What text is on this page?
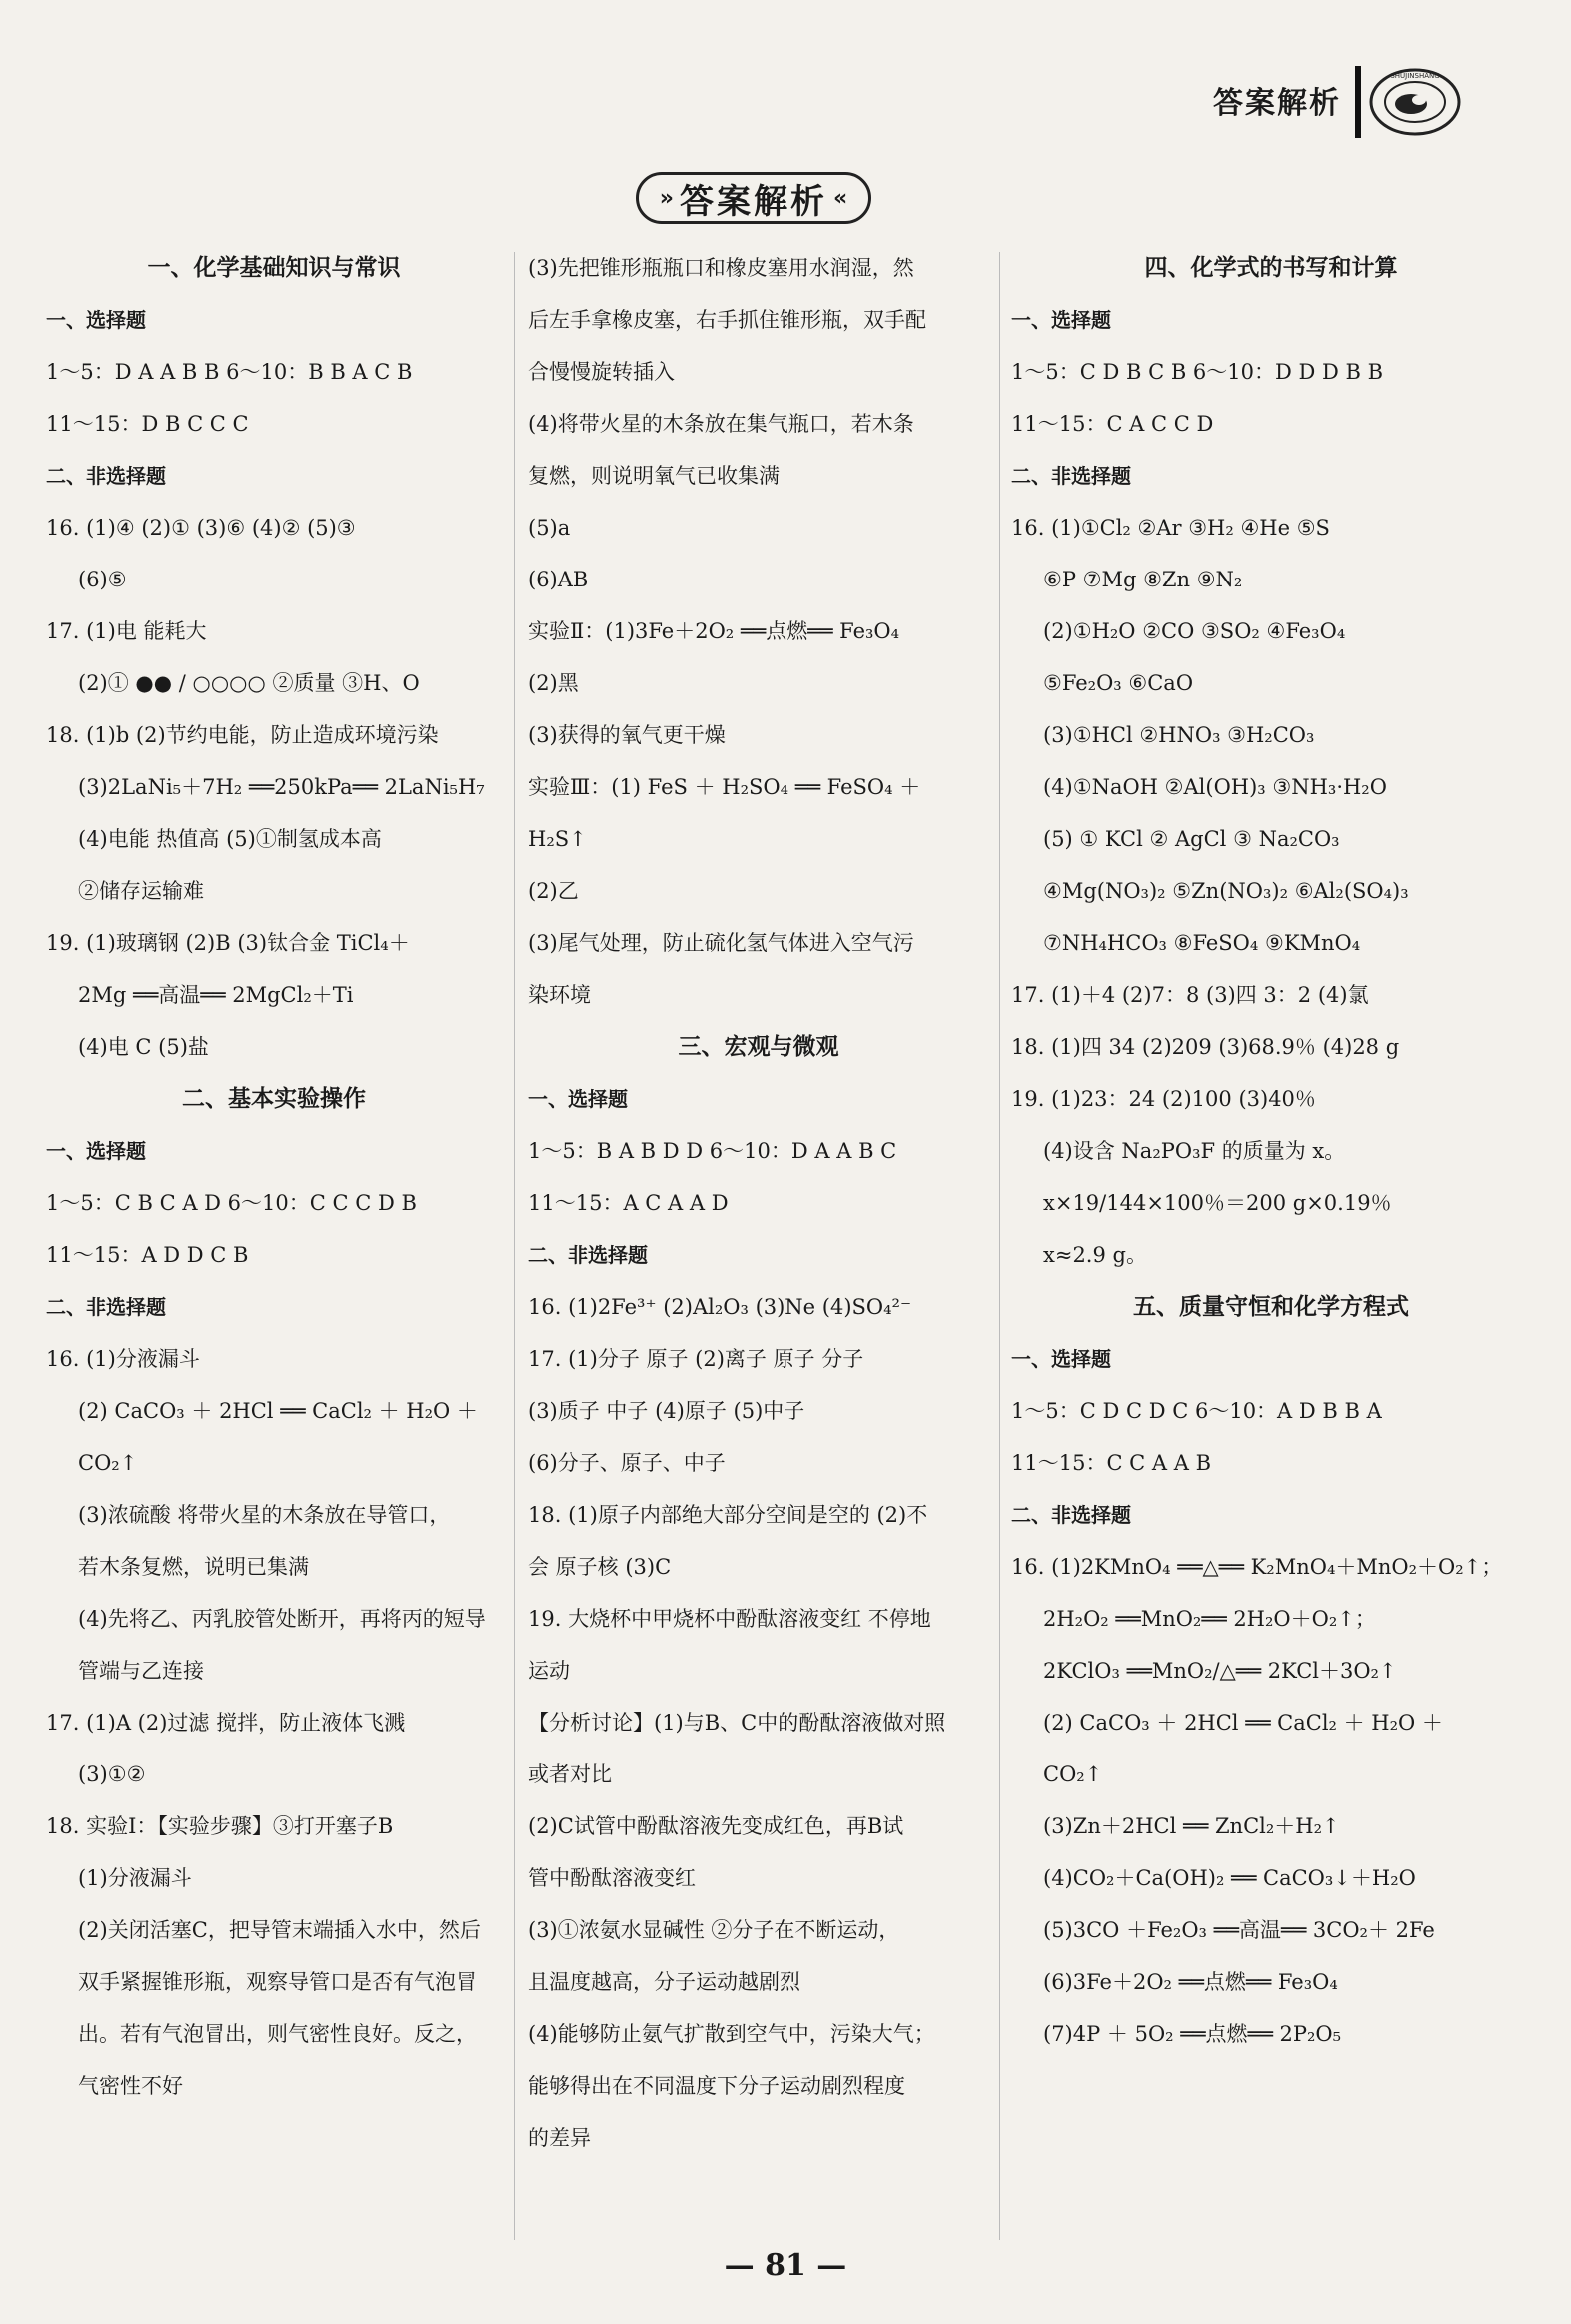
答案解析
SHUJINSHANG
» 答案解析 «
一、化学基础知识与常识
一、选择题
1～5：D A A B B 6～10：B B A C B
11～15：D B C C C
二、非选择题
16. (1)④ (2)① (3)⑥ (4)② (5)③
(6)⑤
17. (1)电 能耗大
(2)① ●● / ○○○○ ②质量 ③H、O
18. (1)b (2)节约电能，防止造成环境污染
(3)2LaNi₅＋7H₂ ══250kPa══ 2LaNi₅H₇
(4)电能 热值高 (5)①制氢成本高
②储存运输难
19. (1)玻璃钢 (2)B (3)钛合金 TiCl₄＋
2Mg ══高温══ 2MgCl₂＋Ti
(4)电 C (5)盐
二、基本实验操作
一、选择题
1～5：C B C A D 6～10：C C C D B
11～15：A D D C B
二、非选择题
16. (1)分液漏斗
(2) CaCO₃ ＋ 2HCl ══ CaCl₂ ＋ H₂O ＋
CO₂↑
(3)浓硫酸 将带火星的木条放在导管口，
若木条复燃，说明已集满
(4)先将乙、丙乳胶管处断开，再将丙的短导
管端与乙连接
17. (1)A (2)过滤 搅拌，防止液体飞溅
(3)①②
18. 实验Ⅰ：【实验步骤】③打开塞子B
(1)分液漏斗
(2)关闭活塞C，把导管末端插入水中，然后
双手紧握锥形瓶，观察导管口是否有气泡冒
出。若有气泡冒出，则气密性良好。反之，
气密性不好
(3)先把锥形瓶瓶口和橡皮塞用水润湿，然
后左手拿橡皮塞，右手抓住锥形瓶，双手配
合慢慢旋转插入
(4)将带火星的木条放在集气瓶口，若木条
复燃，则说明氧气已收集满
(5)a
(6)AB
实验Ⅱ：(1)3Fe＋2O₂ ══点燃══ Fe₃O₄
(2)黑
(3)获得的氧气更干燥
实验Ⅲ：(1) FeS ＋ H₂SO₄ ══ FeSO₄ ＋
H₂S↑
(2)乙
(3)尾气处理，防止硫化氢气体进入空气污
染环境
三、宏观与微观
一、选择题
1～5：B A B D D 6～10：D A A B C
11～15：A C A A D
二、非选择题
16. (1)2Fe³⁺ (2)Al₂O₃ (3)Ne (4)SO₄²⁻
17. (1)分子 原子 (2)离子 原子 分子
(3)质子 中子 (4)原子 (5)中子
(6)分子、原子、中子
18. (1)原子内部绝大部分空间是空的 (2)不
会 原子核 (3)C
19. 大烧杯中甲烧杯中酚酞溶液变红 不停地
运动
【分析讨论】(1)与B、C中的酚酞溶液做对照
或者对比
(2)C试管中酚酞溶液先变成红色，再B试
管中酚酞溶液变红
(3)①浓氨水显碱性 ②分子在不断运动，
且温度越高，分子运动越剧烈
(4)能够防止氨气扩散到空气中，污染大气；
能够得出在不同温度下分子运动剧烈程度
的差异
四、化学式的书写和计算
一、选择题
1～5：C D B C B 6～10：D D D B B
11～15：C A C C D
二、非选择题
16. (1)①Cl₂ ②Ar ③H₂ ④He ⑤S
⑥P ⑦Mg ⑧Zn ⑨N₂
(2)①H₂O ②CO ③SO₂ ④Fe₃O₄
⑤Fe₂O₃ ⑥CaO
(3)①HCl ②HNO₃ ③H₂CO₃
(4)①NaOH ②Al(OH)₃ ③NH₃·H₂O
(5) ① KCl ② AgCl ③ Na₂CO₃
④Mg(NO₃)₂ ⑤Zn(NO₃)₂ ⑥Al₂(SO₄)₃
⑦NH₄HCO₃ ⑧FeSO₄ ⑨KMnO₄
17. (1)＋4 (2)7：8 (3)四 3：2 (4)氯
18. (1)四 34 (2)209 (3)68.9％ (4)28 g
19. (1)23：24 (2)100 (3)40％
(4)设含 Na₂PO₃F 的质量为 x。
x×19/144×100％＝200 g×0.19％
x≈2.9 g。
五、质量守恒和化学方程式
一、选择题
1～5：C D C D C 6～10：A D B B A
11～15：C C A A B
二、非选择题
16. (1)2KMnO₄ ══△══ K₂MnO₄＋MnO₂＋O₂↑；
2H₂O₂ ══MnO₂══ 2H₂O＋O₂↑；
2KClO₃ ══MnO₂/△══ 2KCl＋3O₂↑
(2) CaCO₃ ＋ 2HCl ══ CaCl₂ ＋ H₂O ＋
CO₂↑
(3)Zn＋2HCl ══ ZnCl₂＋H₂↑
(4)CO₂＋Ca(OH)₂ ══ CaCO₃↓＋H₂O
(5)3CO ＋Fe₂O₃ ══高温══ 3CO₂＋ 2Fe
(6)3Fe＋2O₂ ══点燃══ Fe₃O₄
(7)4P ＋ 5O₂ ══点燃══ 2P₂O₅
— 81 —
